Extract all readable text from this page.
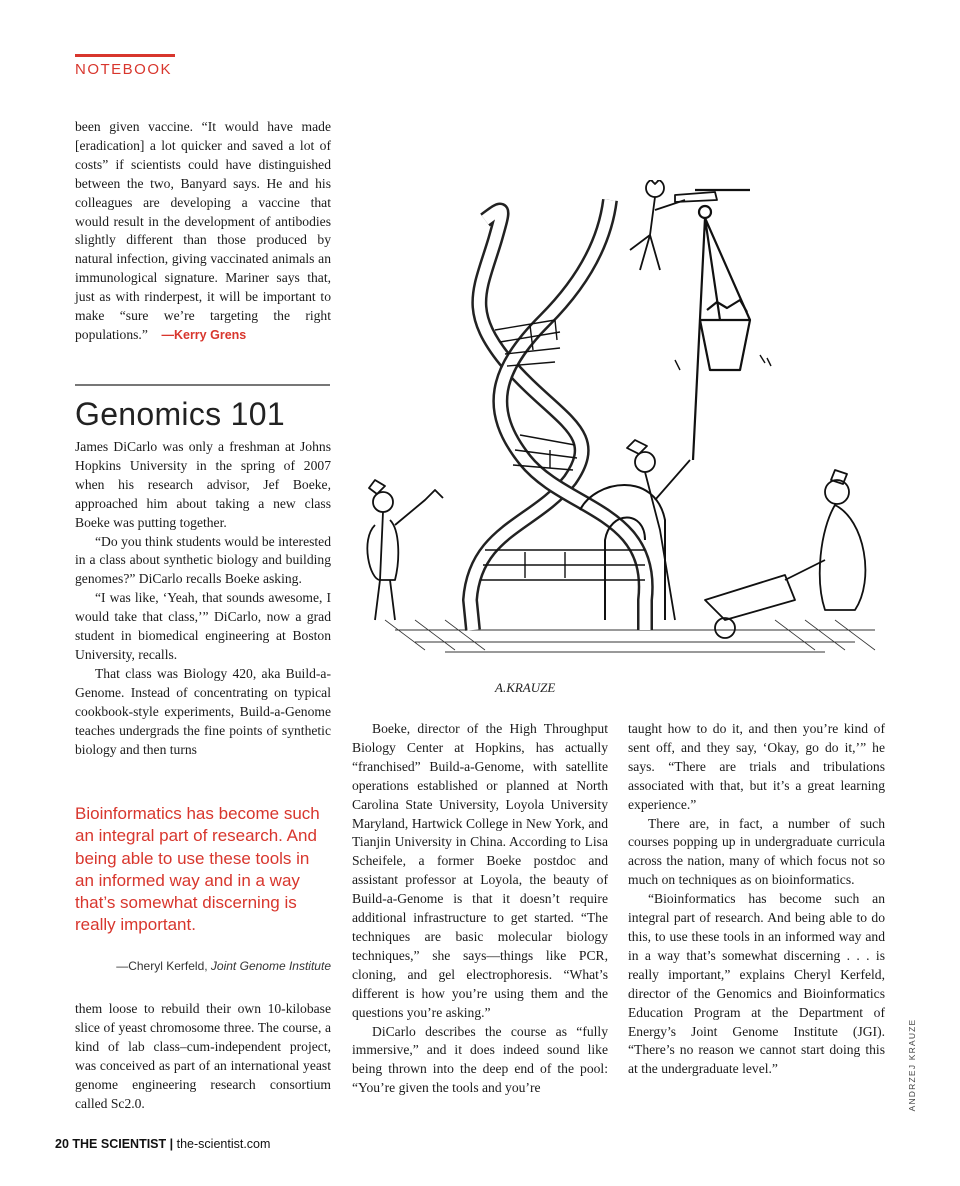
NOTEBOOK

been given vaccine. “It would have made [eradication] a lot quicker and saved a lot of costs” if scientists could have distinguished between the two, Banyard says. He and his colleagues are developing a vaccine that would result in the development of antibodies slightly different than those produced by natural infection, giving vaccinated animals an immunological signature. Mariner says that, just as with rinderpest, it will be important to make “sure we’re targeting the right populations.” —Kerry Grens

Genomics 101

James DiCarlo was only a freshman at Johns Hopkins University in the spring of 2007 when his research advisor, Jef Boeke, approached him about taking a new class Boeke was putting together.

“Do you think students would be interested in a class about synthetic biology and building genomes?” DiCarlo recalls Boeke asking.

“I was like, ‘Yeah, that sounds awesome, I would take that class,’” DiCarlo, now a grad student in biomedical engineering at Boston University, recalls.

That class was Biology 420, aka Build-a-Genome. Instead of concentrating on typical cookbook-style experiments, Build-a-Genome teaches undergrads the fine points of synthetic biology and then turns

Bioinformatics has become such an integral part of research. And being able to use these tools in an informed way and in a way that’s somewhat discerning is really important.
—Cheryl Kerfeld, Joint Genome Institute

them loose to rebuild their own 10-kilobase slice of yeast chromosome three. The course, a kind of lab class–cum-independent project, was conceived as part of an international yeast genome engineering research consortium called Sc2.0.

Boeke, director of the High Throughput Biology Center at Hopkins, has actually “franchised” Build-a-Genome, with satellite operations established or planned at North Carolina State University, Loyola University Maryland, Hartwick College in New York, and Tianjin University in China. According to Lisa Scheifele, a former Boeke postdoc and assistant professor at Loyola, the beauty of Build-a-Genome is that it doesn’t require additional infrastructure to get started. “The techniques are basic molecular biology techniques,” she says—things like PCR, cloning, and gel electrophoresis. “What’s different is how you’re using them and the questions you’re asking.”

DiCarlo describes the course as “fully immersive,” and it does indeed sound like being thrown into the deep end of the pool: “You’re given the tools and you’re

taught how to do it, and then you’re kind of sent off, and they say, ‘Okay, go do it,’” he says. “There are trials and tribulations associated with that, but it’s a great learning experience.”

There are, in fact, a number of such courses popping up in undergraduate curricula across the nation, many of which focus not so much on techniques as on bioinformatics.

“Bioinformatics has become such an integral part of research. And being able to do this, to use these tools in an informed way and in a way that’s somewhat discerning . . . is really important,” explains Cheryl Kerfeld, director of the Genomics and Bioinformatics Education Program at the Department of Energy’s Joint Genome Institute (JGI). “There’s no reason we cannot start doing this at the undergraduate level.”

A.KRAUZE
ANDRZEJ KRAUZE
20 THE SCIENTIST | the-scientist.com
